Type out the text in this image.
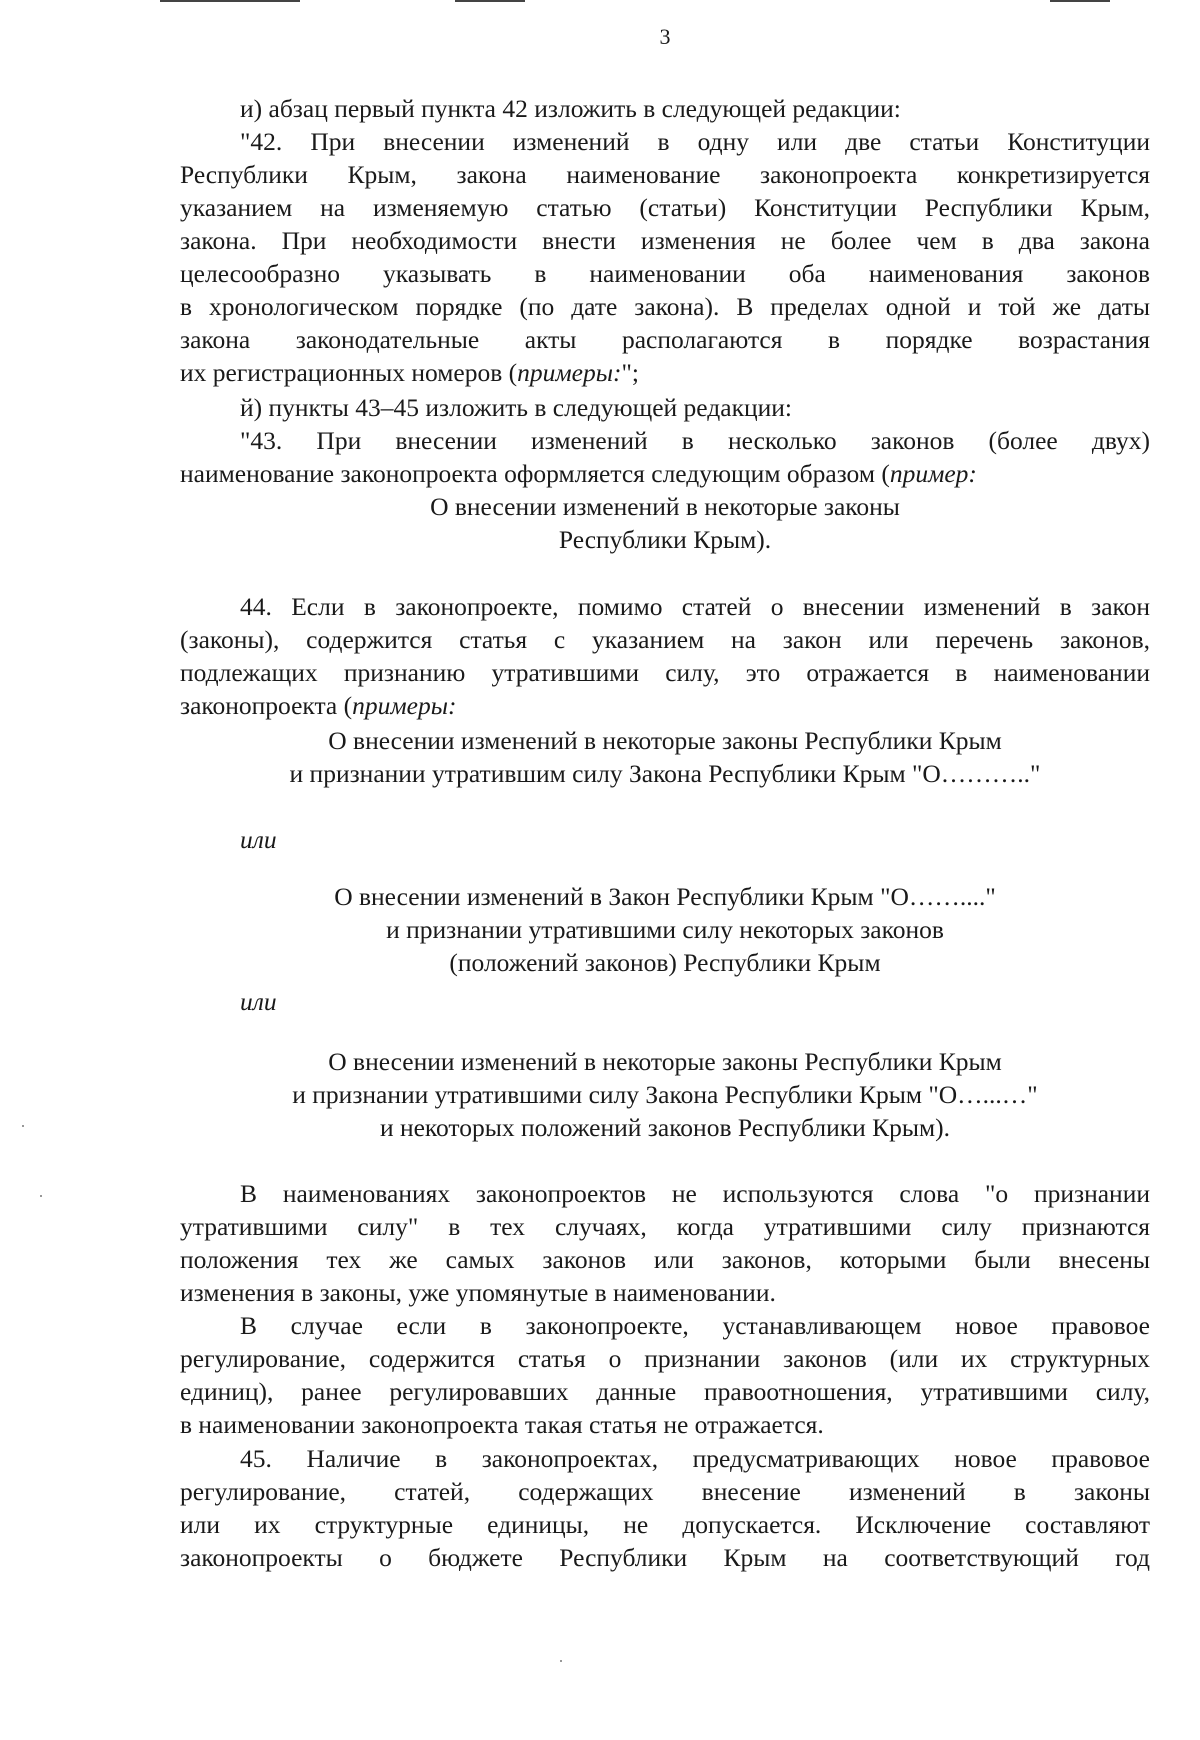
3
и) абзац первый пункта 42 изложить в следующей редакции:
"42. При внесении изменений в одну или две статьи Конституции
Республики Крым, закона наименование законопроекта конкретизируется
указанием на изменяемую статью (статьи) Конституции Республики Крым,
закона. При необходимости внести изменения не более чем в два закона
целесообразно указывать в наименовании оба наименования законов
в хронологическом порядке (по дате закона). В пределах одной и той же даты
закона законодательные акты располагаются в порядке возрастания
их регистрационных номеров (примеры:";
й) пункты 43–45 изложить в следующей редакции:
"43. При внесении изменений в несколько законов (более двух)
наименование законопроекта оформляется следующим образом (пример:
О внесении изменений в некоторые законы
Республики Крым).
44. Если в законопроекте, помимо статей о внесении изменений в закон
(законы), содержится статья с указанием на закон или перечень законов,
подлежащих признанию утратившими силу, это отражается в наименовании
законопроекта (примеры:
О внесении изменений в некоторые законы Республики Крым
и признании утратившим силу Закона Республики Крым "О……….."
или
О внесении изменений в Закон Республики Крым "О……...."
и признании утратившими силу некоторых законов
(положений законов) Республики Крым
или
О внесении изменений в некоторые законы Республики Крым
и признании утратившими силу Закона Республики Крым "О…...…"
и некоторых положений законов Республики Крым).
В наименованиях законопроектов не используются слова "о признании
утратившими силу" в тех случаях, когда утратившими силу признаются
положения тех же самых законов или законов, которыми были внесены
изменения в законы, уже упомянутые в наименовании.
В случае если в законопроекте, устанавливающем новое правовое
регулирование, содержится статья о признании законов (или их структурных
единиц), ранее регулировавших данные правоотношения, утратившими силу,
в наименовании законопроекта такая статья не отражается.
45. Наличие в законопроектах, предусматривающих новое правовое
регулирование, статей, содержащих внесение изменений в законы
или их структурные единицы, не допускается. Исключение составляют
законопроекты о бюджете Республики Крым на соответствующий год
